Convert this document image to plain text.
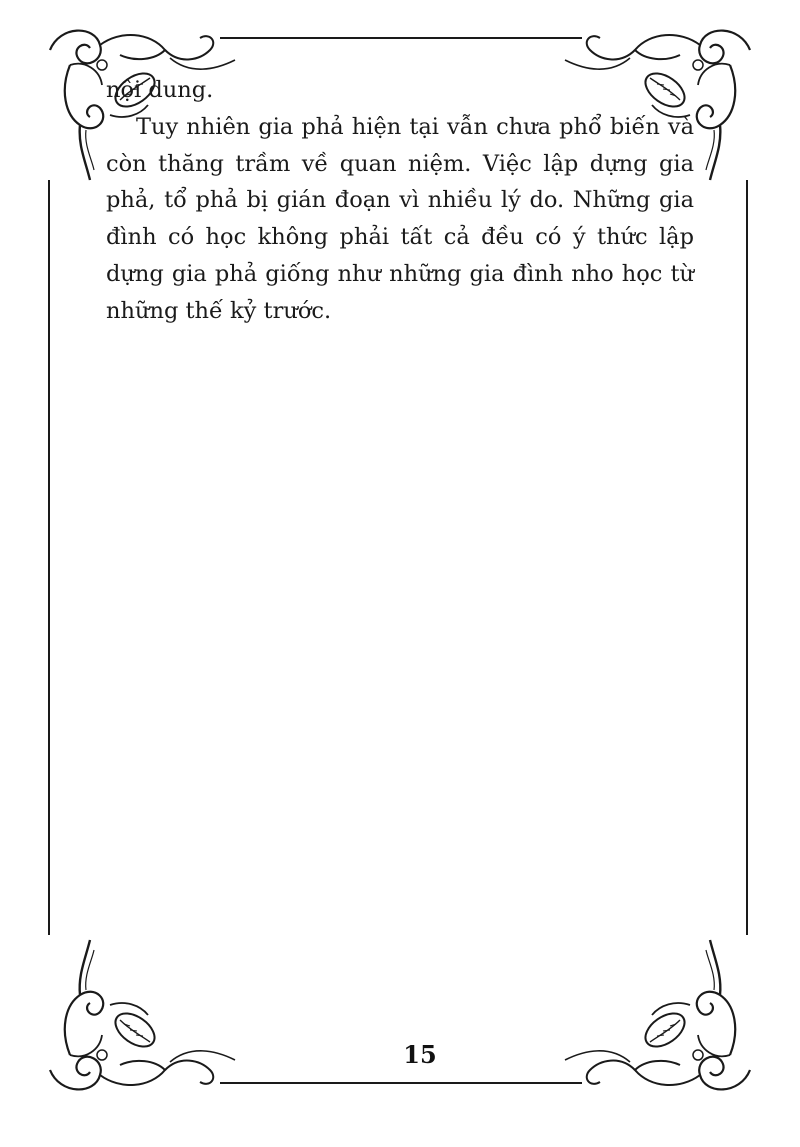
nội dung.

Tuy nhiên gia phả hiện tại vẫn chưa phổ biến và còn thăng trầm về quan niệm. Việc lập dựng gia phả, tổ phả bị gián đoạn vì nhiều lý do. Những gia đình có học không phải tất cả đều có ý thức lập dựng gia phả giống như những gia đình nho học từ những thế kỷ trước.

15
